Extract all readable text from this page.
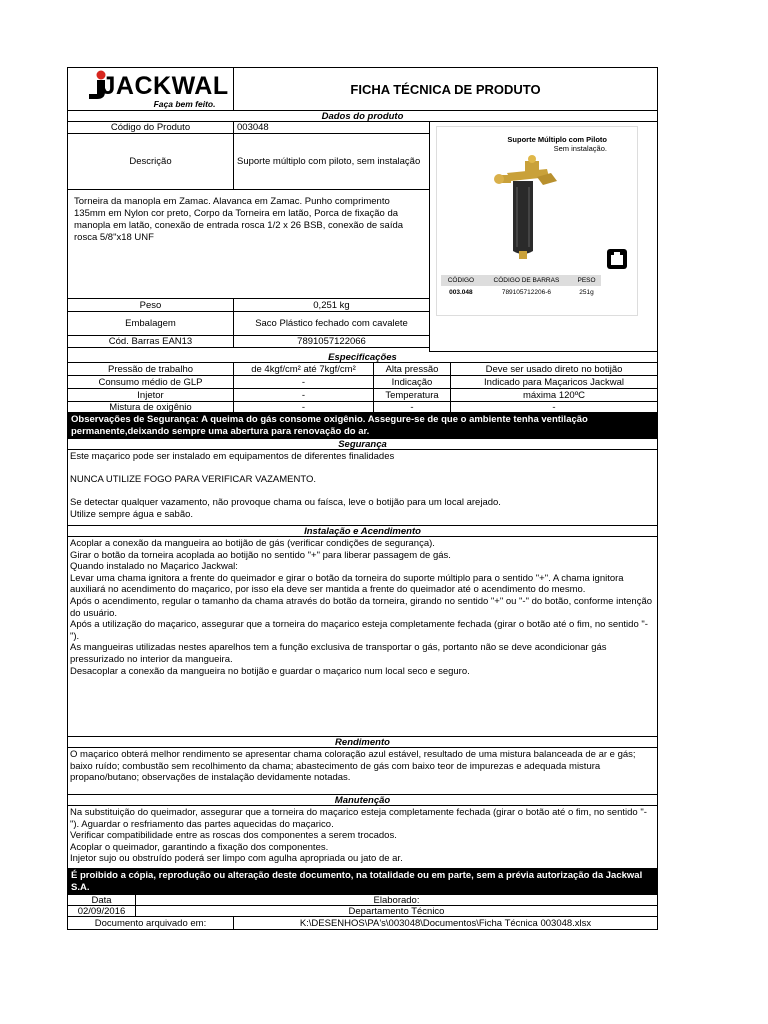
JACKWAL
Faça bem feito.
FICHA TÉCNICA DE PRODUTO
Dados do produto
Código do Produto	003048
Descrição	Suporte múltiplo com piloto, sem instalação
Torneira da manopla em Zamac. Alavanca em Zamac. Punho comprimento 135mm em Nylon cor preto, Corpo da Torneira em latão, Porca de fixação da manopla em latão, conexão de entrada rosca 1/2 x 26 BSB, conexão de saída rosca 5/8"x18 UNF
Peso	0,251 kg
Embalagem	Saco Plástico fechado com cavalete
Cód. Barras EAN13	7891057122066
Suporte Múltiplo com Piloto
Sem instalação.
CÓDIGO	CÓDIGO DE BARRAS	PESO
003.048	789105712206-6	251g
Especificações
Pressão de trabalho	de 4kgf/cm² até 7kgf/cm²	Alta pressão	Deve ser usado direto no botijão
Consumo médio de GLP	-	Indicação	Indicado para Maçaricos Jackwal
Injetor	-	Temperatura	máxima 120ºC
Mistura de oxigênio	-	-	-
Observações de Segurança: A queima do gás consome oxigênio. Assegure-se de que o ambiente tenha ventilação permanente,deixando sempre uma abertura para renovação do ar.
Segurança
Este maçarico pode ser instalado em equipamentos de diferentes finalidades
NUNCA UTILIZE FOGO PARA VERIFICAR VAZAMENTO.
Se detectar qualquer vazamento, não provoque chama ou faísca, leve o botijão para um local arejado.
Utilize sempre água e sabão.
Instalação e Acendimento
Acoplar a conexão da mangueira ao botijão de gás (verificar condições de segurança).
Girar o botão da torneira acoplada ao botijão no sentido "+" para liberar passagem de gás.
Quando instalado no Maçarico Jackwal:
Levar uma chama ignitora a frente do queimador e girar o botão da torneira do suporte múltiplo para o sentido "+". A chama ignitora auxiliará no acendimento do maçarico, por isso ela deve ser mantida a frente do queimador até o acendimento do mesmo.
Após o acendimento, regular o tamanho da chama através do botão da torneira, girando no sentido "+" ou "-" do botão, conforme intenção do usuário.
Após a utilização do maçarico, assegurar que a torneira do maçarico esteja completamente fechada (girar o botão até o fim, no sentido "-").
As mangueiras utilizadas nestes aparelhos tem a função exclusiva de transportar o gás, portanto não se deve acondicionar gás pressurizado no interior da mangueira.
Desacoplar a conexão da mangueira no botijão e guardar o maçarico num local seco e seguro.
Rendimento
O maçarico obterá melhor rendimento se apresentar chama coloração azul estável, resultado de uma mistura balanceada de ar e gás; baixo ruído; combustão sem recolhimento da chama; abastecimento de gás com baixo teor de impurezas e adequada mistura propano/butano; observações de instalação devidamente notadas.
Manutenção
Na substituição do queimador, assegurar que a torneira do maçarico esteja completamente fechada (girar o botão até o fim, no sentido "-"). Aguardar o resfriamento das partes aquecidas do maçarico.
Verificar compatibilidade entre as roscas dos componentes a serem trocados.
Acoplar o queimador, garantindo a fixação dos componentes.
Injetor sujo ou obstruído poderá ser limpo com agulha apropriada ou jato de ar.
É proibido a cópia, reprodução ou alteração deste documento, na totalidade ou em parte, sem a prévia autorização da Jackwal S.A.
Data	Elaborado:
02/09/2016	Departamento Técnico
Documento arquivado em:	K:\DESENHOS\PA's\003048\Documentos\Ficha Técnica 003048.xlsx
